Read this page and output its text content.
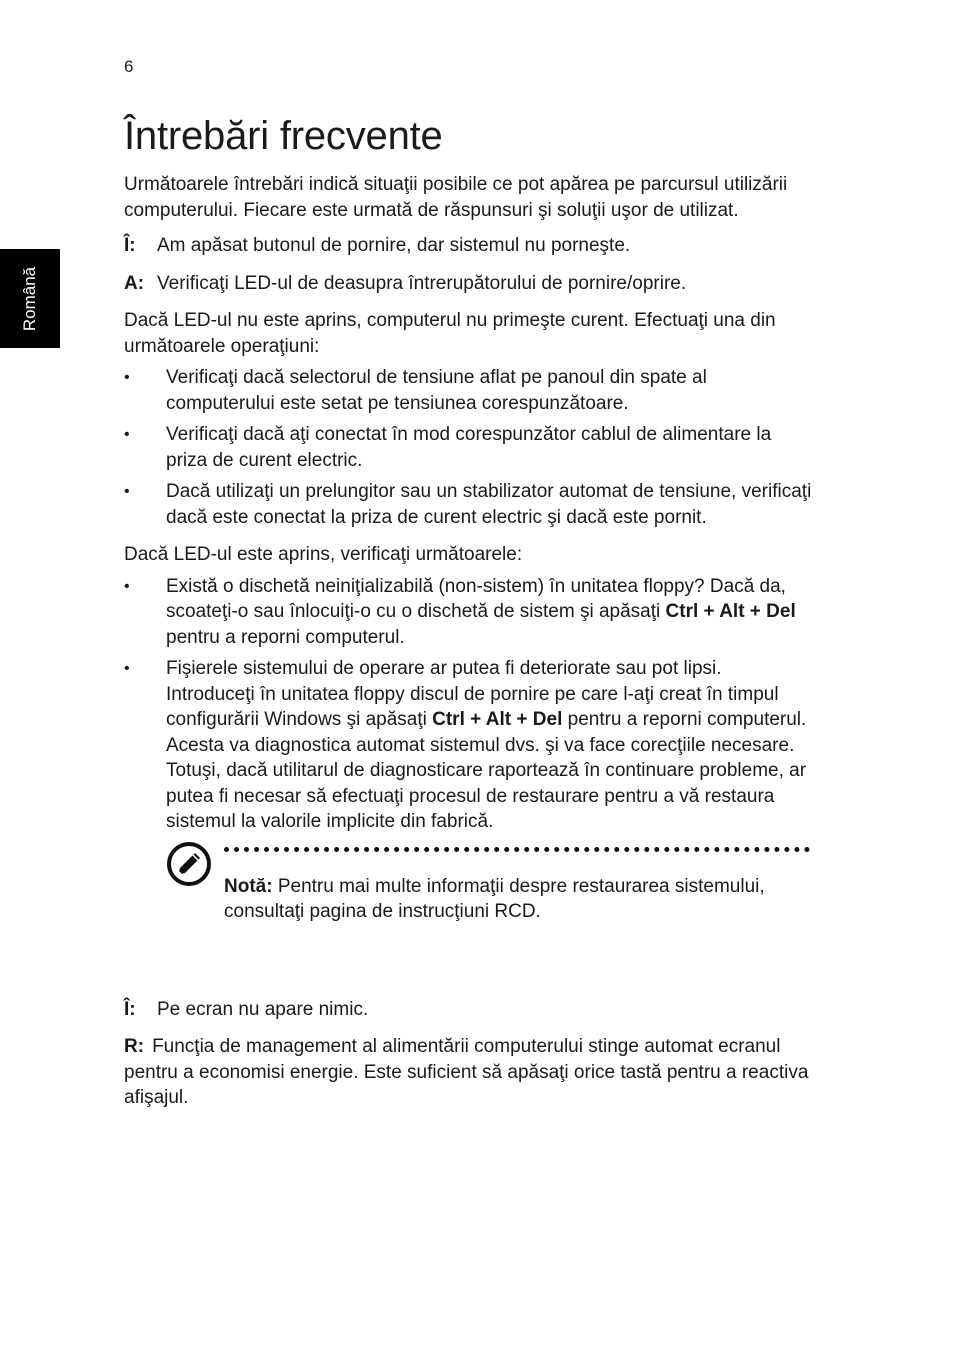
6
Română
Întrebări frecvente

Următoarele întrebări indică situaţii posibile ce pot apărea pe parcursul utilizării computerului. Fiecare este urmată de răspunsuri şi soluţii uşor de utilizat.

Î:	Am apăsat butonul de pornire, dar sistemul nu porneşte.
A: Verificaţi LED-ul de deasupra întrerupătorului de pornire/oprire.

Dacă LED-ul nu este aprins, computerul nu primeşte curent. Efectuaţi una din următoarele operaţiuni:

• Verificaţi dacă selectorul de tensiune aflat pe panoul din spate al computerului este setat pe tensiunea corespunzătoare.
• Verificaţi dacă aţi conectat în mod corespunzător cablul de alimentare la priza de curent electric.
• Dacă utilizaţi un prelungitor sau un stabilizator automat de tensiune, verificaţi dacă este conectat la priza de curent electric şi dacă este pornit.

Dacă LED-ul este aprins, verificaţi următoarele:

• Există o dischetă neiniţializabilă (non-sistem) în unitatea floppy? Dacă da, scoateţi-o sau înlocuiţi-o cu o dischetă de sistem şi apăsaţi Ctrl + Alt + Del pentru a reporni computerul.
• Fişierele sistemului de operare ar putea fi deteriorate sau pot lipsi. Introduceţi în unitatea floppy discul de pornire pe care l-aţi creat în timpul configurării Windows şi apăsaţi Ctrl + Alt + Del pentru a reporni computerul. Acesta va diagnostica automat sistemul dvs. şi va face corecţiile necesare. Totuşi, dacă utilitarul de diagnosticare raportează în continuare probleme, ar putea fi necesar să efectuaţi procesul de restaurare pentru a vă restaura sistemul la valorile implicite din fabrică.

Notă: Pentru mai multe informaţii despre restaurarea sistemului, consultaţi pagina de instrucţiuni RCD.

Î:	Pe ecran nu apare nimic.

R: Funcţia de management al alimentării computerului stinge automat ecranul pentru a economisi energie. Este suficient să apăsaţi orice tastă pentru a reactiva afişajul.
